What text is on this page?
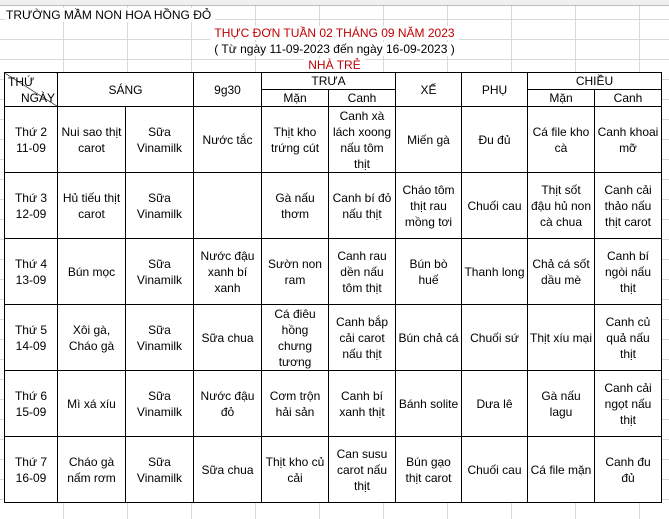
TRƯỜNG MẦM NON HOA HỒNG ĐỎ
THỰC ĐƠN TUẦN 02 THÁNG 09 NĂM 2023
( Từ ngày 11-09-2023 đến ngày 16-09-2023 )
NHÀ TRẺ
THỨ
NGÀY	SÁNG		9g30	TRƯA		XẾ	PHỤ	CHIỀU	
				Mặn	Canh			Mặn	Canh

Thứ 2
11-09	Nui sao thịt carot	Sữa Vinamilk	Nước tắc	Thịt kho trứng cút	Canh xà lách xoong nấu tôm thịt	Miến gà	Đu đủ	Cá file kho cà	Canh khoai mỡ

Thứ 3
12-09	Hủ tiếu thịt carot	Sữa Vinamilk		Gà nấu thơm	Canh bí đỏ nấu thịt	Cháo tôm thịt rau mồng tơi	Chuối cau	Thịt sốt đậu hủ non cà chua	Canh cải thảo nấu thịt carot

Thứ 4
13-09	Bún mọc	Sữa Vinamilk	Nước đậu xanh bí xanh	Sườn non ram	Canh rau dền nấu tôm thịt	Bún bò huế	Thanh long	Chả cá sốt dầu mè	Canh bí ngòi nấu thịt

Thứ 5
14-09	Xôi gà, Cháo gà	Sữa Vinamilk	Sữa chua	Cá điêu hồng chưng tương	Canh bắp cải carot nấu thịt	Bún chả cá	Chuối sứ	Thịt xíu mại	Canh củ quả nấu thịt

Thứ 6
15-09	Mì xá xíu	Sữa Vinamilk	Nước đậu đỏ	Cơm trộn hải sản	Canh bí xanh thịt	Bánh solite	Dưa lê	Gà nấu lagu	Canh cải ngọt nấu thịt

Thứ 7
16-09	Cháo gà nấm rơm	Sữa Vinamilk	Sữa chua	Thịt kho củ cải	Can susu carot nấu thịt	Bún gạo thịt carot	Chuối cau	Cá file mặn	Canh đu đủ
